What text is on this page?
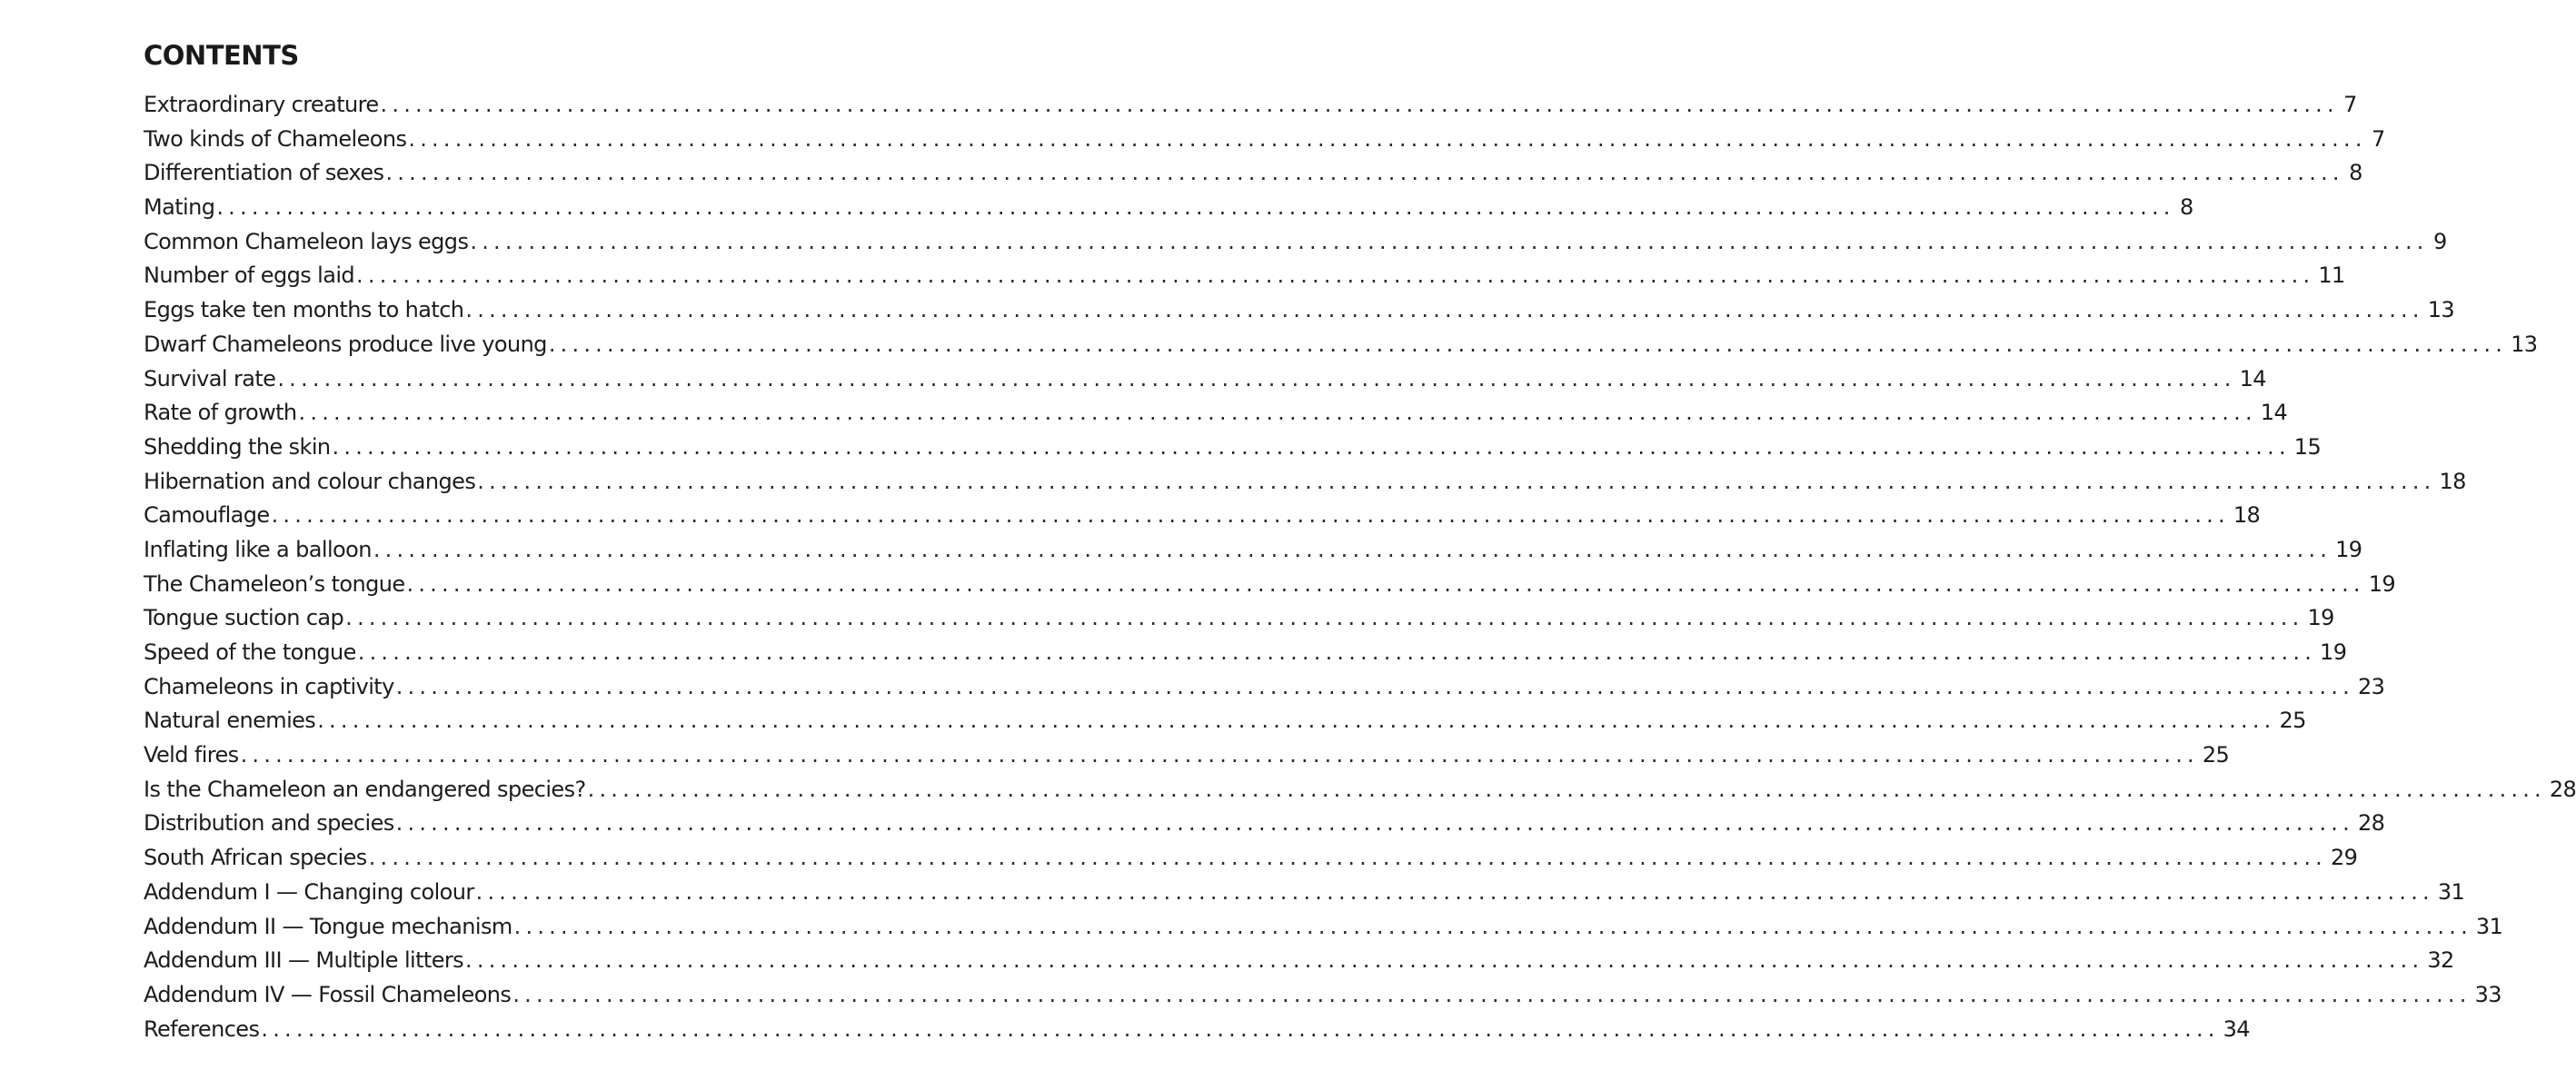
CONTENTS
Extraordinary creature ........................................................................................................................................................................ 7
Two kinds of Chameleons ........................................................................................................................................................................ 7
Differentiation of sexes ........................................................................................................................................................................ 8
Mating ........................................................................................................................................................................ 8
Common Chameleon lays eggs ........................................................................................................................................................................ 9
Number of eggs laid ........................................................................................................................................................................ 11
Eggs take ten months to hatch ........................................................................................................................................................................ 13
Dwarf Chameleons produce live young ........................................................................................................................................................................ 13
Survival rate ........................................................................................................................................................................ 14
Rate of growth ........................................................................................................................................................................ 14
Shedding the skin ........................................................................................................................................................................ 15
Hibernation and colour changes ........................................................................................................................................................................ 18
Camouflage ........................................................................................................................................................................ 18
Inflating like a balloon ........................................................................................................................................................................ 19
The Chameleon’s tongue ........................................................................................................................................................................ 19
Tongue suction cap ........................................................................................................................................................................ 19
Speed of the tongue ........................................................................................................................................................................ 19
Chameleons in captivity ........................................................................................................................................................................ 23
Natural enemies ........................................................................................................................................................................ 25
Veld fires ........................................................................................................................................................................ 25
Is the Chameleon an endangered species? ........................................................................................................................................................................ 28
Distribution and species ........................................................................................................................................................................ 28
South African species ........................................................................................................................................................................ 29
Addendum I — Changing colour ........................................................................................................................................................................ 31
Addendum II — Tongue mechanism ........................................................................................................................................................................ 31
Addendum III — Multiple litters ........................................................................................................................................................................ 32
Addendum IV — Fossil Chameleons ........................................................................................................................................................................ 33
References ........................................................................................................................................................................ 34
